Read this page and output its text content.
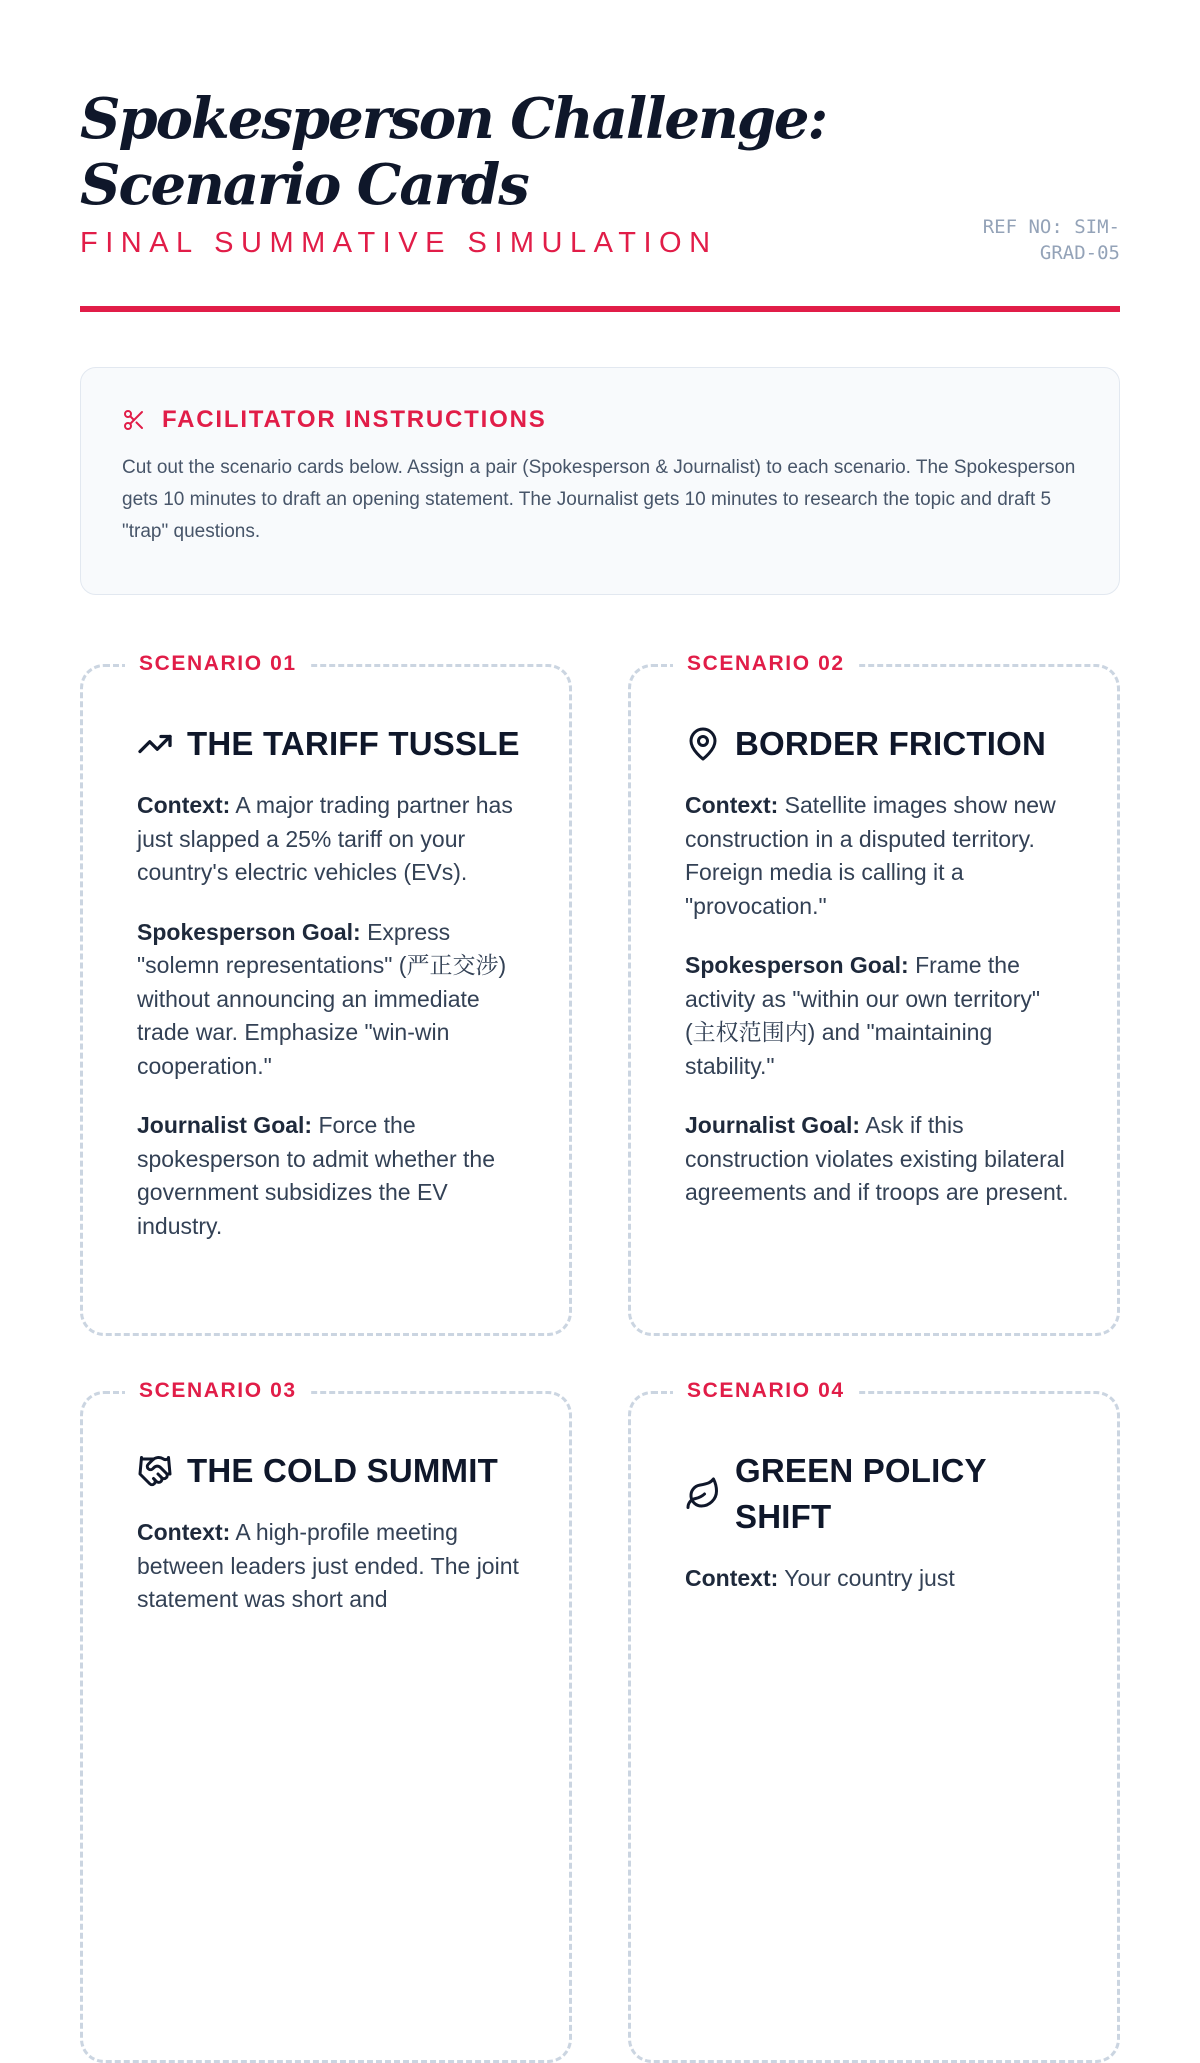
Spokesperson Challenge: Scenario Cards
FINAL SUMMATIVE SIMULATION	REF NO: SIM-GRAD-05
FACILITATOR INSTRUCTIONS
Cut out the scenario cards below. Assign a pair (Spokesperson & Journalist) to each scenario. The Spokesperson gets 10 minutes to draft an opening statement. The Journalist gets 10 minutes to research the topic and draft 5 "trap" questions.
SCENARIO 01
THE TARIFF TUSSLE

Context: A major trading partner has just slapped a 25% tariff on your country's electric vehicles (EVs).

Spokesperson Goal: Express "solemn representations" (严正交涉) without announcing an immediate trade war. Emphasize "win-win cooperation."

Journalist Goal: Force the spokesperson to admit whether the government subsidizes the EV industry.

SCENARIO 02
BORDER FRICTION

Context: Satellite images show new construction in a disputed territory. Foreign media is calling it a "provocation."

Spokesperson Goal: Frame the activity as "within our own territory" (主权范围内) and "maintaining stability."

Journalist Goal: Ask if this construction violates existing bilateral agreements and if troops are present.

SCENARIO 03
THE COLD SUMMIT

Context: A high-profile meeting between leaders just ended. The joint statement was short and

SCENARIO 04
GREEN POLICY SHIFT

Context: Your country just
